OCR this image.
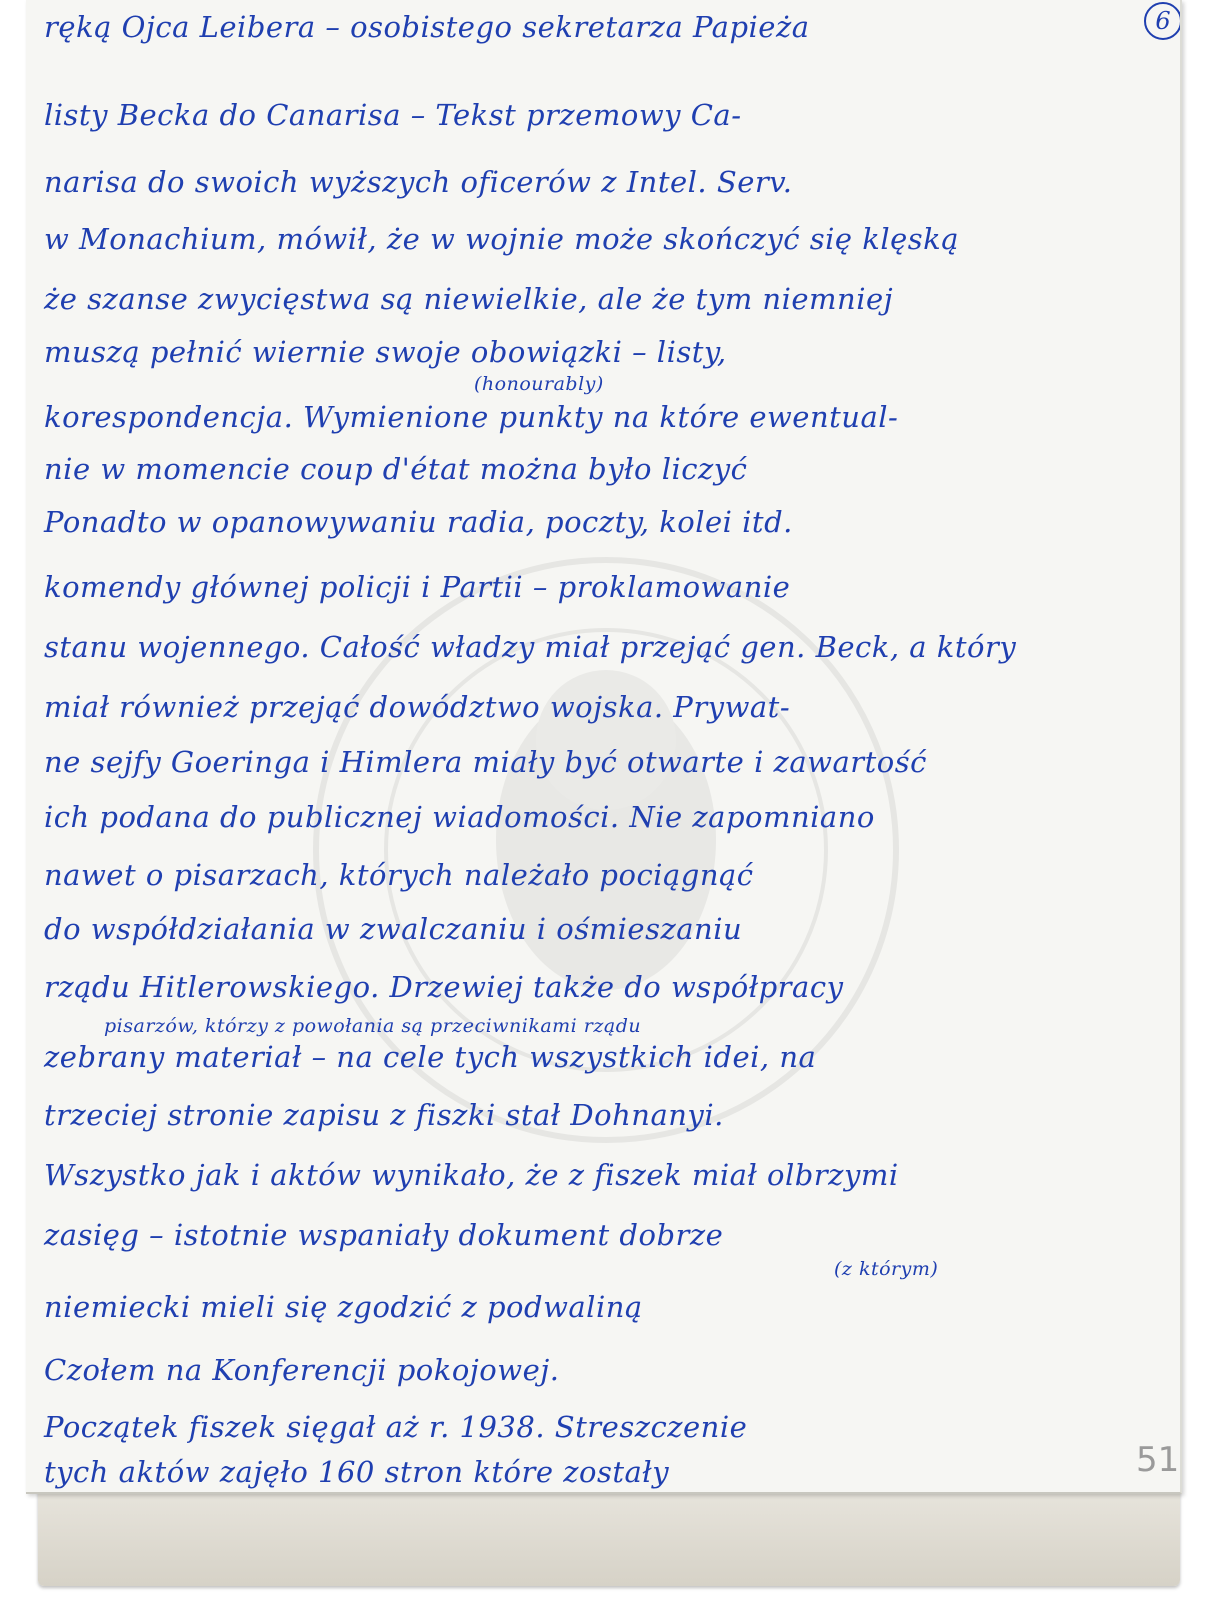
6
ręką Ojca Leibera – osobistego sekretarza Papieża
listy Becka do Canarisa – Tekst przemowy Ca-
narisa do swoich wyższych oficerów z Intel. Serv.
w Monachium, mówił, że w wojnie może skończyć się klęską
że szanse zwycięstwa są niewielkie, ale że tym niemniej
muszą pełnić wiernie swoje obowiązki – listy,
(honourably)
korespondencja. Wymienione punkty na które ewentual-
nie w momencie coup d'état można było liczyć
Ponadto w opanowywaniu radia, poczty, kolei itd.
komendy głównej policji i Partii – proklamowanie
stanu wojennego. Całość władzy miał przejąć gen. Beck, a który
miał również przejąć dowództwo wojska. Prywat-
ne sejfy Goeringa i Himlera miały być otwarte i zawartość
ich podana do publicznej wiadomości. Nie zapomniano
nawet o pisarzach, których należało pociągnąć
do współdziałania w zwalczaniu i ośmieszaniu
rządu Hitlerowskiego. Drzewiej także do współpracy
pisarzów, którzy z powołania są przeciwnikami rządu
zebrany materiał – na cele tych wszystkich idei, na
trzeciej stronie zapisu z fiszki stał Dohnanyi.
Wszystko jak i aktów wynikało, że z fiszek miał olbrzymi
zasięg – istotnie wspaniały dokument dobrze
(z którym)
niemiecki mieli się zgodzić z podwaliną
Czołem na Konferencji pokojowej.
Początek fiszek sięgał aż r. 1938. Streszczenie
tych aktów zajęło 160 stron które zostały	51
